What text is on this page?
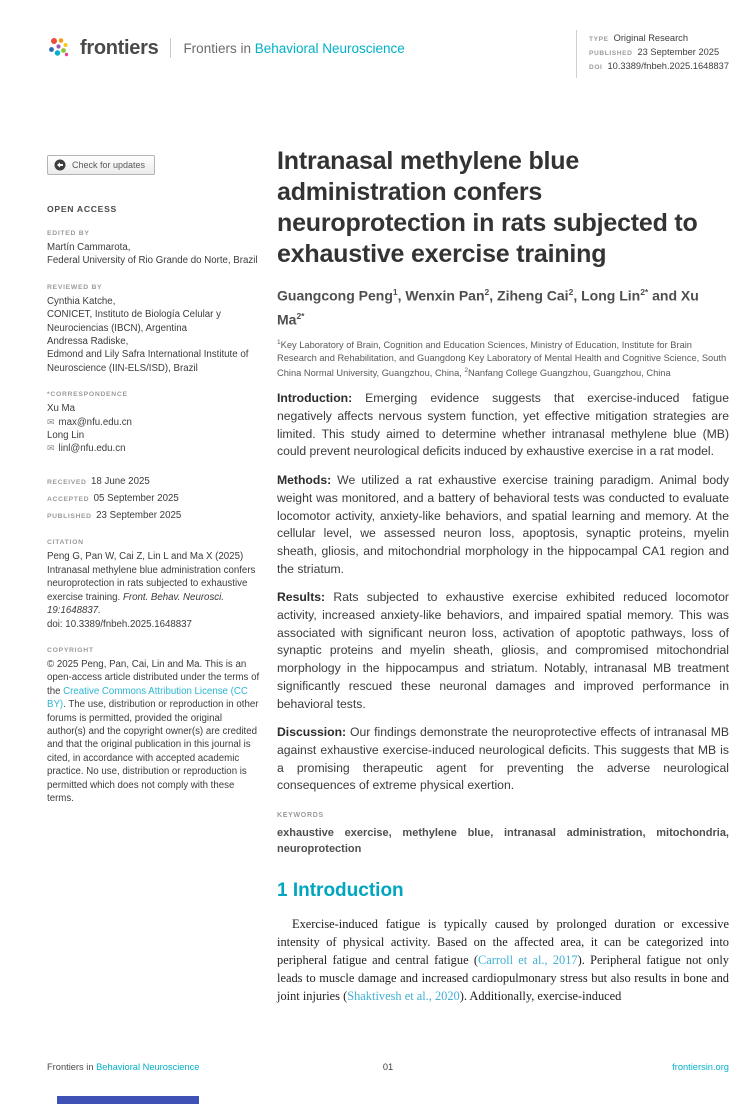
frontiers Frontiers in Behavioral Neuroscience
TYPE Original Research
PUBLISHED 23 September 2025
DOI 10.3389/fnbeh.2025.1648837
Check for updates
OPEN ACCESS
EDITED BY
Martín Cammarota,
Federal University of Rio Grande do Norte, Brazil
REVIEWED BY
Cynthia Katche,
CONICET, Instituto de Biología Celular y Neurociencias (IBCN), Argentina
Andressa Radiske,
Edmond and Lily Safra International Institute of Neuroscience (IIN-ELS/ISD), Brazil
*CORRESPONDENCE
Xu Ma
✉ max@nfu.edu.cn
Long Lin
✉ linl@nfu.edu.cn
RECEIVED 18 June 2025
ACCEPTED 05 September 2025
PUBLISHED 23 September 2025
CITATION
Peng G, Pan W, Cai Z, Lin L and Ma X (2025) Intranasal methylene blue administration confers neuroprotection in rats subjected to exhaustive exercise training. Front. Behav. Neurosci. 19:1648837.
doi: 10.3389/fnbeh.2025.1648837
COPYRIGHT
© 2025 Peng, Pan, Cai, Lin and Ma. This is an open-access article distributed under the terms of the Creative Commons Attribution License (CC BY). The use, distribution or reproduction in other forums is permitted, provided the original author(s) and the copyright owner(s) are credited and that the original publication in this journal is cited, in accordance with accepted academic practice. No use, distribution or reproduction is permitted which does not comply with these terms.
Intranasal methylene blue administration confers neuroprotection in rats subjected to exhaustive exercise training
Guangcong Peng$^1$, Wenxin Pan$^2$, Ziheng Cai$^2$, Long Lin$^{2*}$ and Xu $Ma^{2*}$
$^1$Key Laboratory of Brain, Cognition and Education Sciences, Ministry of Education, Institute for Brain Research and Rehabilitation, and Guangdong Key Laboratory of Mental Health and Cognitive Science, South China Normal University, Guangzhou, China, $^2$Nanfang College Guangzhou, Guangzhou, China

Introduction: Emerging evidence suggests that exercise-induced fatigue negatively affects nervous system function, yet effective mitigation strategies are limited. This study aimed to determine whether intranasal methylene blue (MB) could prevent neurological deficits induced by exhaustive exercise in a rat model.

Methods: We utilized a rat exhaustive exercise training paradigm. Animal body weight was monitored, and a battery of behavioral tests was conducted to evaluate locomotor activity, anxiety-like behaviors, and spatial learning and memory. At the cellular level, we assessed neuron loss, apoptosis, synaptic proteins, myelin sheath, gliosis, and mitochondrial morphology in the hippocampal CA1 region and the striatum.

Results: Rats subjected to exhaustive exercise exhibited reduced locomotor activity, increased anxiety-like behaviors, and impaired spatial memory. This was associated with significant neuron loss, activation of apoptotic pathways, loss of synaptic proteins and myelin sheath, gliosis, and compromised mitochondrial morphology in the hippocampus and striatum. Notably, intranasal MB treatment significantly rescued these neuronal damages and improved performance in behavioral tests.

Discussion: Our findings demonstrate the neuroprotective effects of intranasal MB against exhaustive exercise-induced neurological deficits. This suggests that MB is a promising therapeutic agent for preventing the adverse neurological consequences of extreme physical exertion.

KEYWORDS
exhaustive exercise, methylene blue, intranasal administration, mitochondria, neuroprotection
1 Introduction

Exercise-induced fatigue is typically caused by prolonged duration or excessive intensity of physical activity. Based on the affected area, it can be categorized into peripheral fatigue and central fatigue (Carroll et al., 2017). Peripheral fatigue not only leads to muscle damage and increased cardiopulmonary stress but also results in bone and joint injuries (Shaktivesh et al., 2020). Additionally, exercise-induced

Frontiers in Behavioral Neuroscience	01	frontiersin.org
